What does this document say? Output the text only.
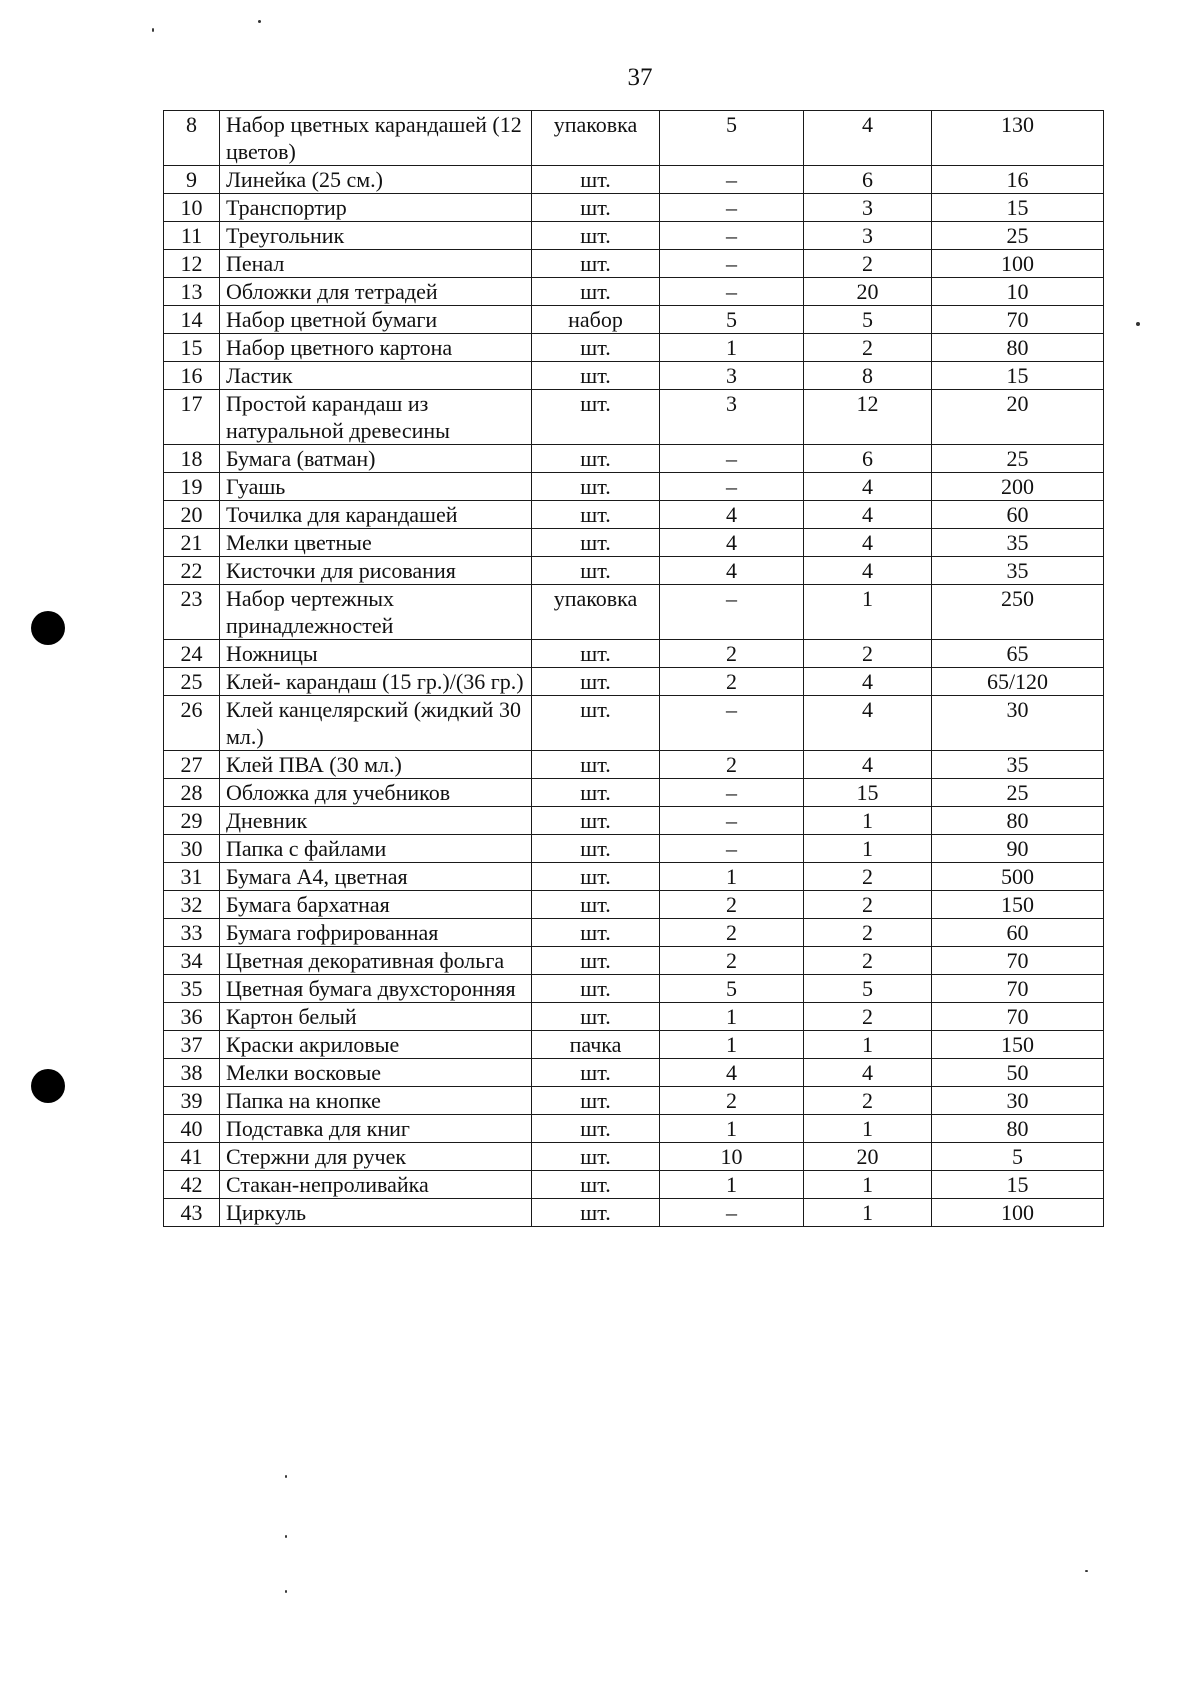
37
8	Набор цветных карандашей (12 цветов)	упаковка	5	4	130
9	Линейка (25 см.)	шт.	–	6	16
10	Транспортир	шт.	–	3	15
11	Треугольник	шт.	–	3	25
12	Пенал	шт.	–	2	100
13	Обложки для тетрадей	шт.	–	20	10
14	Набор цветной бумаги	набор	5	5	70
15	Набор цветного картона	шт.	1	2	80
16	Ластик	шт.	3	8	15
17	Простой карандаш из натуральной древесины	шт.	3	12	20
18	Бумага (ватман)	шт.	–	6	25
19	Гуашь	шт.	–	4	200
20	Точилка для карандашей	шт.	4	4	60
21	Мелки цветные	шт.	4	4	35
22	Кисточки для рисования	шт.	4	4	35
23	Набор чертежных принадлежностей	упаковка	–	1	250
24	Ножницы	шт.	2	2	65
25	Клей- карандаш (15 гр.)/(36 гр.)	шт.	2	4	65/120
26	Клей канцелярский (жидкий 30 мл.)	шт.	–	4	30
27	Клей ПВА (30 мл.)	шт.	2	4	35
28	Обложка для учебников	шт.	–	15	25
29	Дневник	шт.	–	1	80
30	Папка с файлами	шт.	–	1	90
31	Бумага А4, цветная	шт.	1	2	500
32	Бумага бархатная	шт.	2	2	150
33	Бумага гофрированная	шт.	2	2	60
34	Цветная декоративная фольга	шт.	2	2	70
35	Цветная бумага двухсторонняя	шт.	5	5	70
36	Картон белый	шт.	1	2	70
37	Краски акриловые	пачка	1	1	150
38	Мелки восковые	шт.	4	4	50
39	Папка на кнопке	шт.	2	2	30
40	Подставка для книг	шт.	1	1	80
41	Стержни для ручек	шт.	10	20	5
42	Стакан-непроливайка	шт.	1	1	15
43	Циркуль	шт.	–	1	100
